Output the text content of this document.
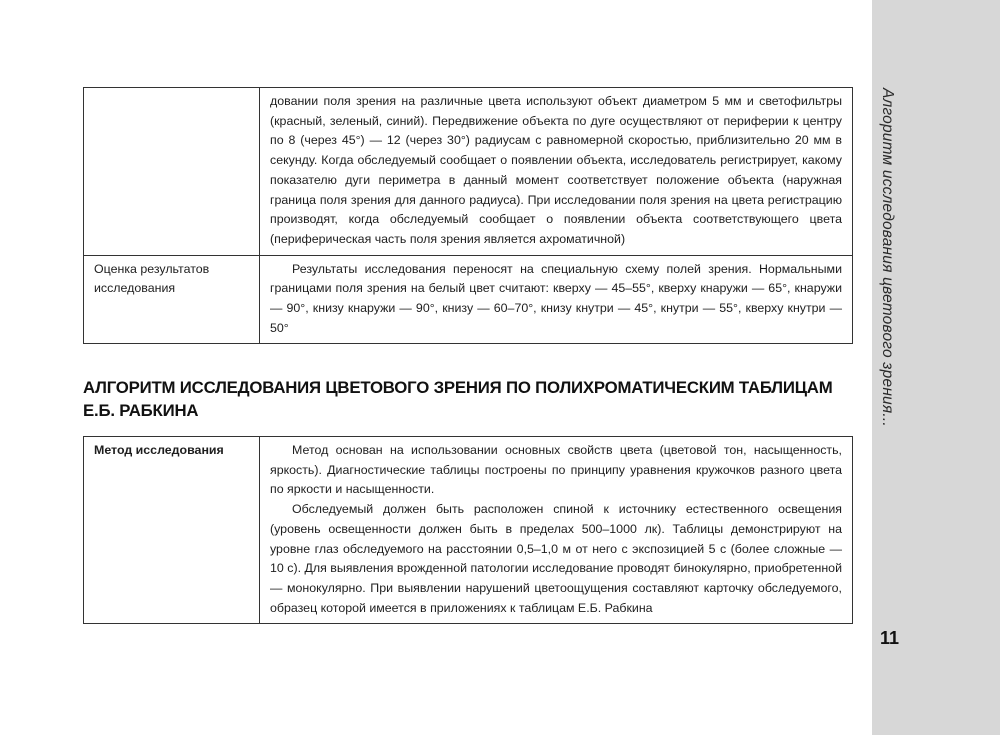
Алгоритм исследования цветового зрения...
11
	довании поля зрения на различные цвета используют объект диаметром 5 мм и светофильтры (красный, зеленый, синий). Передвижение объекта по дуге осуществляют от периферии к центру по 8 (через 45°) — 12 (через 30°) радиусам с равномерной скоростью, приблизительно 20 мм в секунду. Когда обследуемый сообщает о появлении объекта, исследователь регистрирует, какому показателю дуги периметра в данный момент соответствует положение объекта (наружная граница поля зрения для данного радиуса). При исследовании поля зрения на цвета регистрацию производят, когда обследуемый сообщает о появлении объекта соответствующего цвета (периферическая часть поля зрения является ахроматичной)
Оценка результатов исследования	Результаты исследования переносят на специальную схему полей зрения. Нормальными границами поля зрения на белый цвет считают: кверху — 45–55°, кверху кнаружи — 65°, кнаружи — 90°, книзу кнаружи — 90°, книзу — 60–70°, книзу кнутри — 45°, кнутри — 55°, кверху кнутри — 50°
АЛГОРИТМ ИССЛЕДОВАНИЯ ЦВЕТОВОГО ЗРЕНИЯ ПО ПОЛИХРОМАТИЧЕСКИМ ТАБЛИЦАМ Е.Б. РАБКИНА
Метод исследования	Метод основан на использовании основных свойств цвета (цветовой тон, насыщенность, яркость). Диагностические таблицы построены по принципу уравнения кружочков разного цвета по яркости и насыщенности.

Обследуемый должен быть расположен спиной к источнику естественного освещения (уровень освещенности должен быть в пределах 500–1000 лк). Таблицы демонстрируют на уровне глаз обследуемого на расстоянии 0,5–1,0 м от него с экспозицией 5 с (более сложные — 10 с). Для выявления врожденной патологии исследование проводят бинокулярно, приобретенной — монокулярно. При выявлении нарушений цветоощущения составляют карточку обследуемого, образец которой имеется в приложениях к таблицам Е.Б. Рабкина
